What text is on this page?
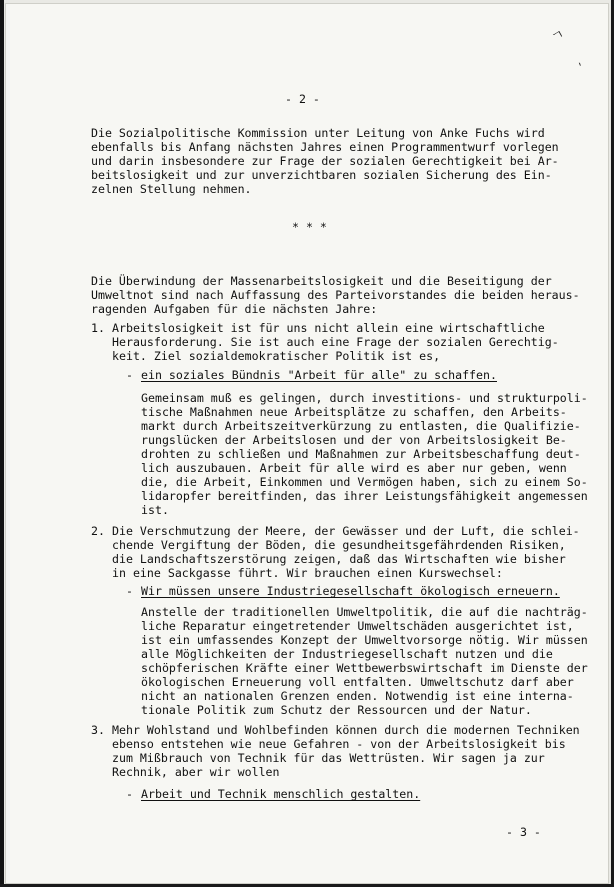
ㄱ
ˎ
- 2 -
Die Sozialpolitische Kommission unter Leitung von Anke Fuchs wird
ebenfalls bis Anfang nächsten Jahres einen Programmentwurf vorlegen
und darin insbesondere zur Frage der sozialen Gerechtigkeit bei Ar-
beitslosigkeit und zur unverzichtbaren sozialen Sicherung des Ein-
zelnen Stellung nehmen.
* * *
Die Überwindung der Massenarbeitslosigkeit und die Beseitigung der
Umweltnot sind nach Auffassung des Parteivorstandes die beiden heraus-
ragenden Aufgaben für die nächsten Jahre:
1. Arbeitslosigkeit ist für uns nicht allein eine wirtschaftliche
Herausforderung. Sie ist auch eine Frage der sozialen Gerechtig-
keit. Ziel sozialdemokratischer Politik ist es,
- ein soziales Bündnis "Arbeit für alle" zu schaffen.
Gemeinsam muß es gelingen, durch investitions- und strukturpoli-
tische Maßnahmen neue Arbeitsplätze zu schaffen, den Arbeits-
markt durch Arbeitszeitverkürzung zu entlasten, die Qualifizie-
rungslücken der Arbeitslosen und der von Arbeitslosigkeit Be-
drohten zu schließen und Maßnahmen zur Arbeitsbeschaffung deut-
lich auszubauen. Arbeit für alle wird es aber nur geben, wenn
die, die Arbeit, Einkommen und Vermögen haben, sich zu einem So-
lidaropfer bereitfinden, das ihrer Leistungsfähigkeit angemessen
ist.
2. Die Verschmutzung der Meere, der Gewässer und der Luft, die schlei-
chende Vergiftung der Böden, die gesundheitsgefährdenden Risiken,
die Landschaftszerstörung zeigen, daß das Wirtschaften wie bisher
in eine Sackgasse führt. Wir brauchen einen Kurswechsel:
- Wir müssen unsere Industriegesellschaft ökologisch erneuern.
Anstelle der traditionellen Umweltpolitik, die auf die nachträg-
liche Reparatur eingetretender Umweltschäden ausgerichtet ist,
ist ein umfassendes Konzept der Umweltvorsorge nötig. Wir müssen
alle Möglichkeiten der Industriegesellschaft nutzen und die
schöpferischen Kräfte einer Wettbewerbswirtschaft im Dienste der
ökologischen Erneuerung voll entfalten. Umweltschutz darf aber
nicht an nationalen Grenzen enden. Notwendig ist eine interna-
tionale Politik zum Schutz der Ressourcen und der Natur.
3. Mehr Wohlstand und Wohlbefinden können durch die modernen Techniken
ebenso entstehen wie neue Gefahren - von der Arbeitslosigkeit bis
zum Mißbrauch von Technik für das Wettrüsten. Wir sagen ja zur
Rechnik, aber wir wollen
- Arbeit und Technik menschlich gestalten.
- 3 -
